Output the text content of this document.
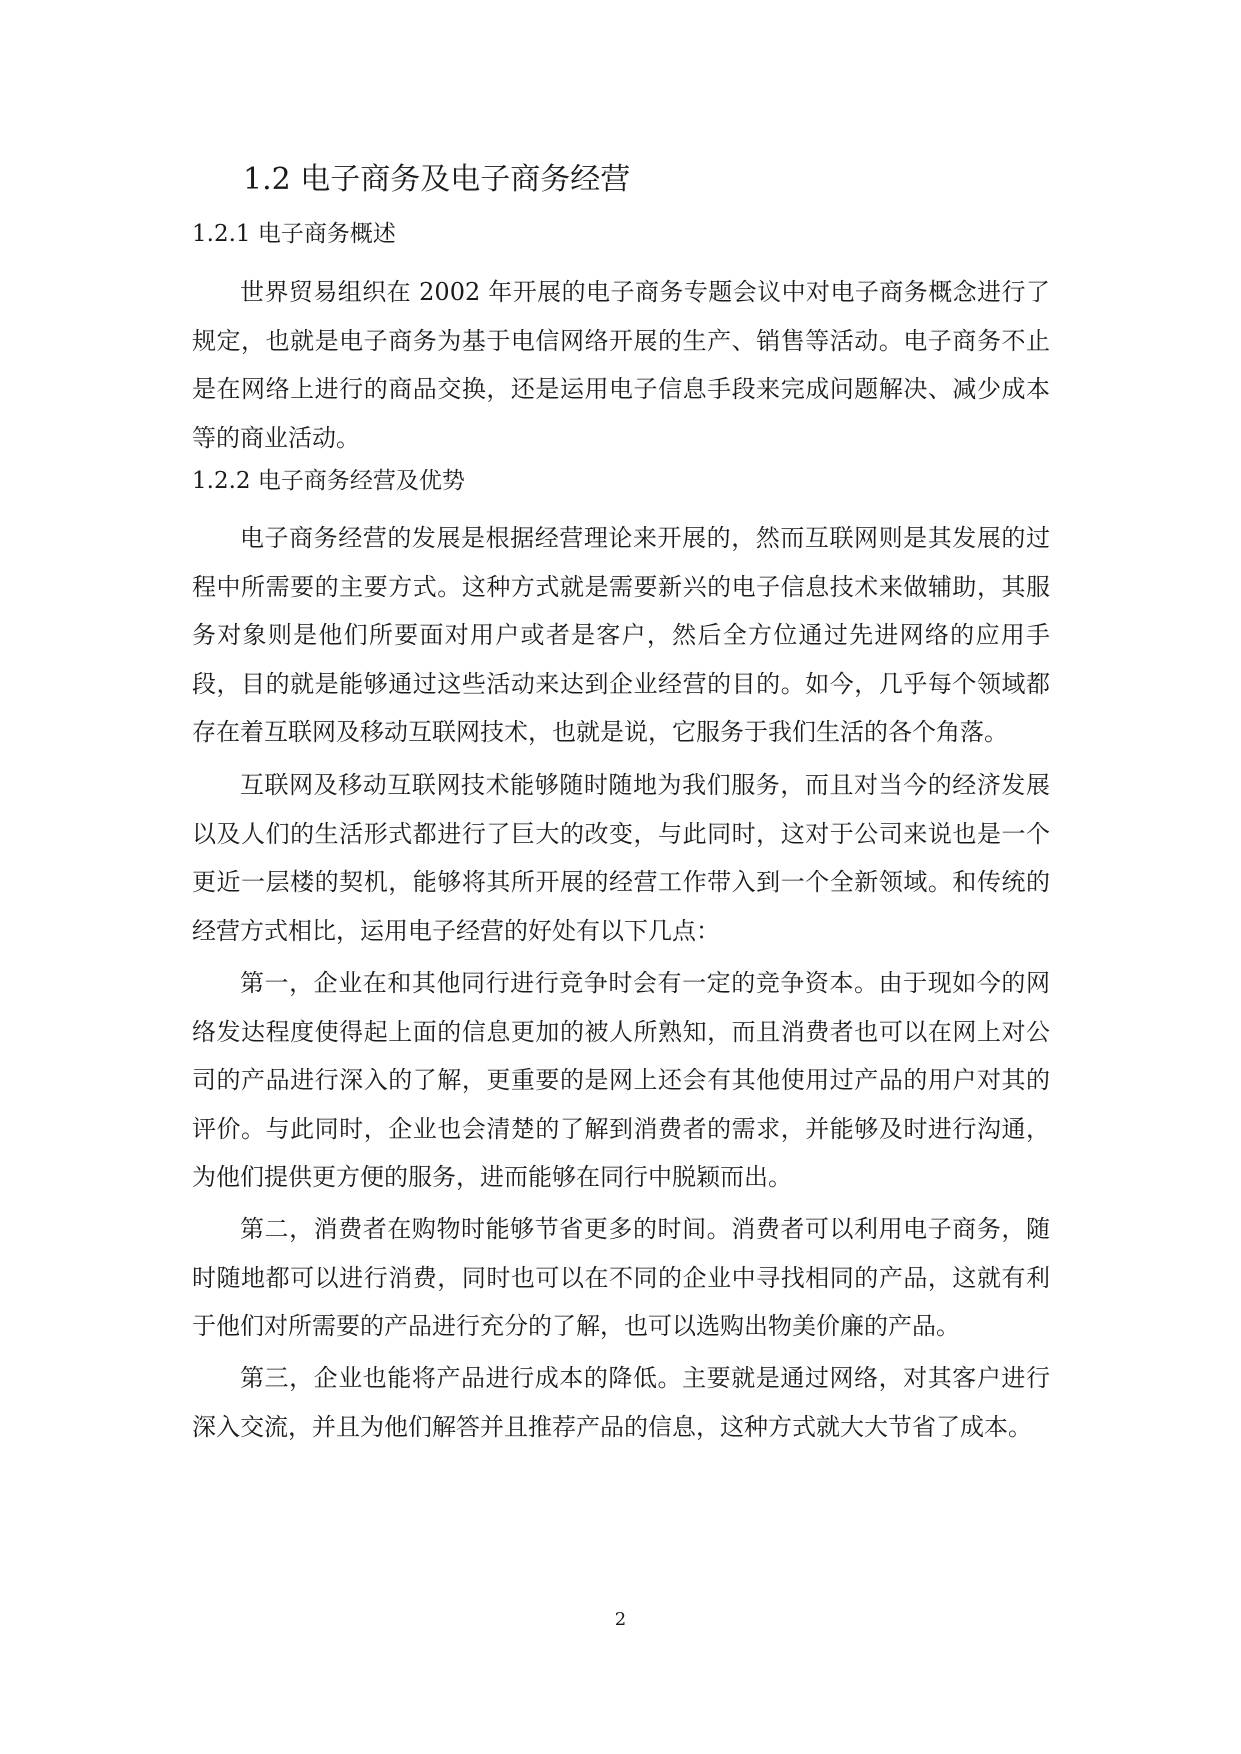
1.2 电子商务及电子商务经营
1.2.1 电子商务概述

世界贸易组织在 2002 年开展的电子商务专题会议中对电子商务概念进行了规定，也就是电子商务为基于电信网络开展的生产、销售等活动。电子商务不止是在网络上进行的商品交换，还是运用电子信息手段来完成问题解决、减少成本等的商业活动。

1.2.2 电子商务经营及优势

电子商务经营的发展是根据经营理论来开展的，然而互联网则是其发展的过程中所需要的主要方式。这种方式就是需要新兴的电子信息技术来做辅助，其服务对象则是他们所要面对用户或者是客户，然后全方位通过先进网络的应用手段，目的就是能够通过这些活动来达到企业经营的目的。如今，几乎每个领域都存在着互联网及移动互联网技术，也就是说，它服务于我们生活的各个角落。

互联网及移动互联网技术能够随时随地为我们服务，而且对当今的经济发展以及人们的生活形式都进行了巨大的改变，与此同时，这对于公司来说也是一个更近一层楼的契机，能够将其所开展的经营工作带入到一个全新领域。和传统的经营方式相比，运用电子经营的好处有以下几点：

第一，企业在和其他同行进行竞争时会有一定的竞争资本。由于现如今的网络发达程度使得起上面的信息更加的被人所熟知，而且消费者也可以在网上对公司的产品进行深入的了解，更重要的是网上还会有其他使用过产品的用户对其的评价。与此同时，企业也会清楚的了解到消费者的需求，并能够及时进行沟通，为他们提供更方便的服务，进而能够在同行中脱颖而出。

第二，消费者在购物时能够节省更多的时间。消费者可以利用电子商务，随时随地都可以进行消费，同时也可以在不同的企业中寻找相同的产品，这就有利于他们对所需要的产品进行充分的了解，也可以选购出物美价廉的产品。

第三，企业也能将产品进行成本的降低。主要就是通过网络，对其客户进行深入交流，并且为他们解答并且推荐产品的信息，这种方式就大大节省了成本。

2
